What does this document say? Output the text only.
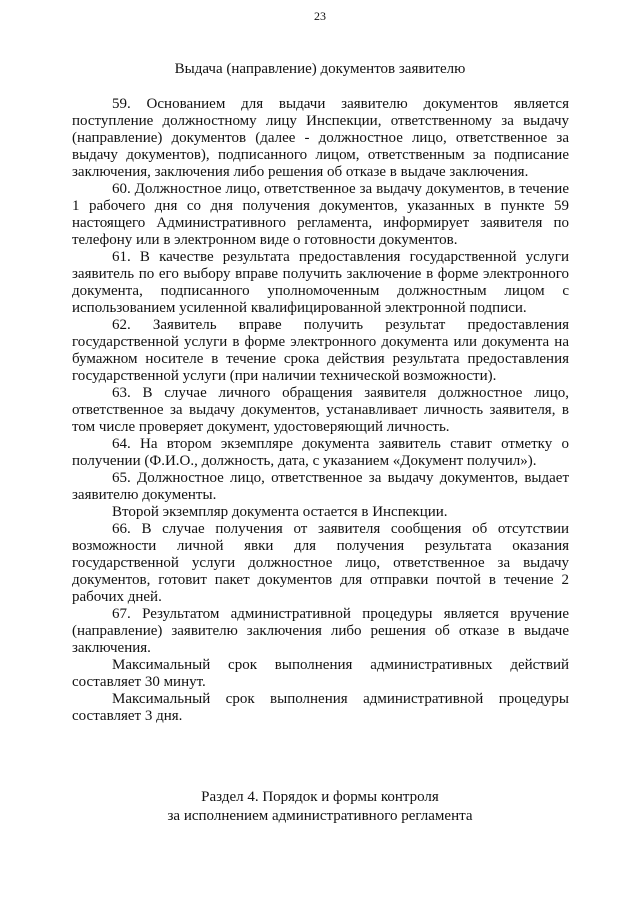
23
Выдача (направление) документов заявителю

59. Основанием для выдачи заявителю документов является поступление должностному лицу Инспекции, ответственному за выдачу (направление) документов (далее - должностное лицо, ответственное за выдачу документов), подписанного лицом, ответственным за подписание заключения, заключения либо решения об отказе в выдаче заключения.

60. Должностное лицо, ответственное за выдачу документов, в течение 1 рабочего дня со дня получения документов, указанных в пункте 59 настоящего Административного регламента, информирует заявителя по телефону или в электронном виде о готовности документов.

61. В качестве результата предоставления государственной услуги заявитель по его выбору вправе получить заключение в форме электронного документа, подписанного уполномоченным должностным лицом с использованием усиленной квалифицированной электронной подписи.

62. Заявитель вправе получить результат предоставления государственной услуги в форме электронного документа или документа на бумажном носителе в течение срока действия результата предоставления государственной услуги (при наличии технической возможности).

63. В случае личного обращения заявителя должностное лицо, ответственное за выдачу документов, устанавливает личность заявителя, в том числе проверяет документ, удостоверяющий личность.

64. На втором экземпляре документа заявитель ставит отметку о получении (Ф.И.О., должность, дата, с указанием «Документ получил»).

65. Должностное лицо, ответственное за выдачу документов, выдает заявителю документы.

Второй экземпляр документа остается в Инспекции.

66. В случае получения от заявителя сообщения об отсутствии возможности личной явки для получения результата оказания государственной услуги должностное лицо, ответственное за выдачу документов, готовит пакет документов для отправки почтой в течение 2 рабочих дней.

67. Результатом административной процедуры является вручение (направление) заявителю заключения либо решения об отказе в выдаче заключения.

Максимальный срок выполнения административных действий составляет 30 минут.

Максимальный срок выполнения административной процедуры составляет 3 дня.

Раздел 4. Порядок и формы контроля
за исполнением административного регламента
